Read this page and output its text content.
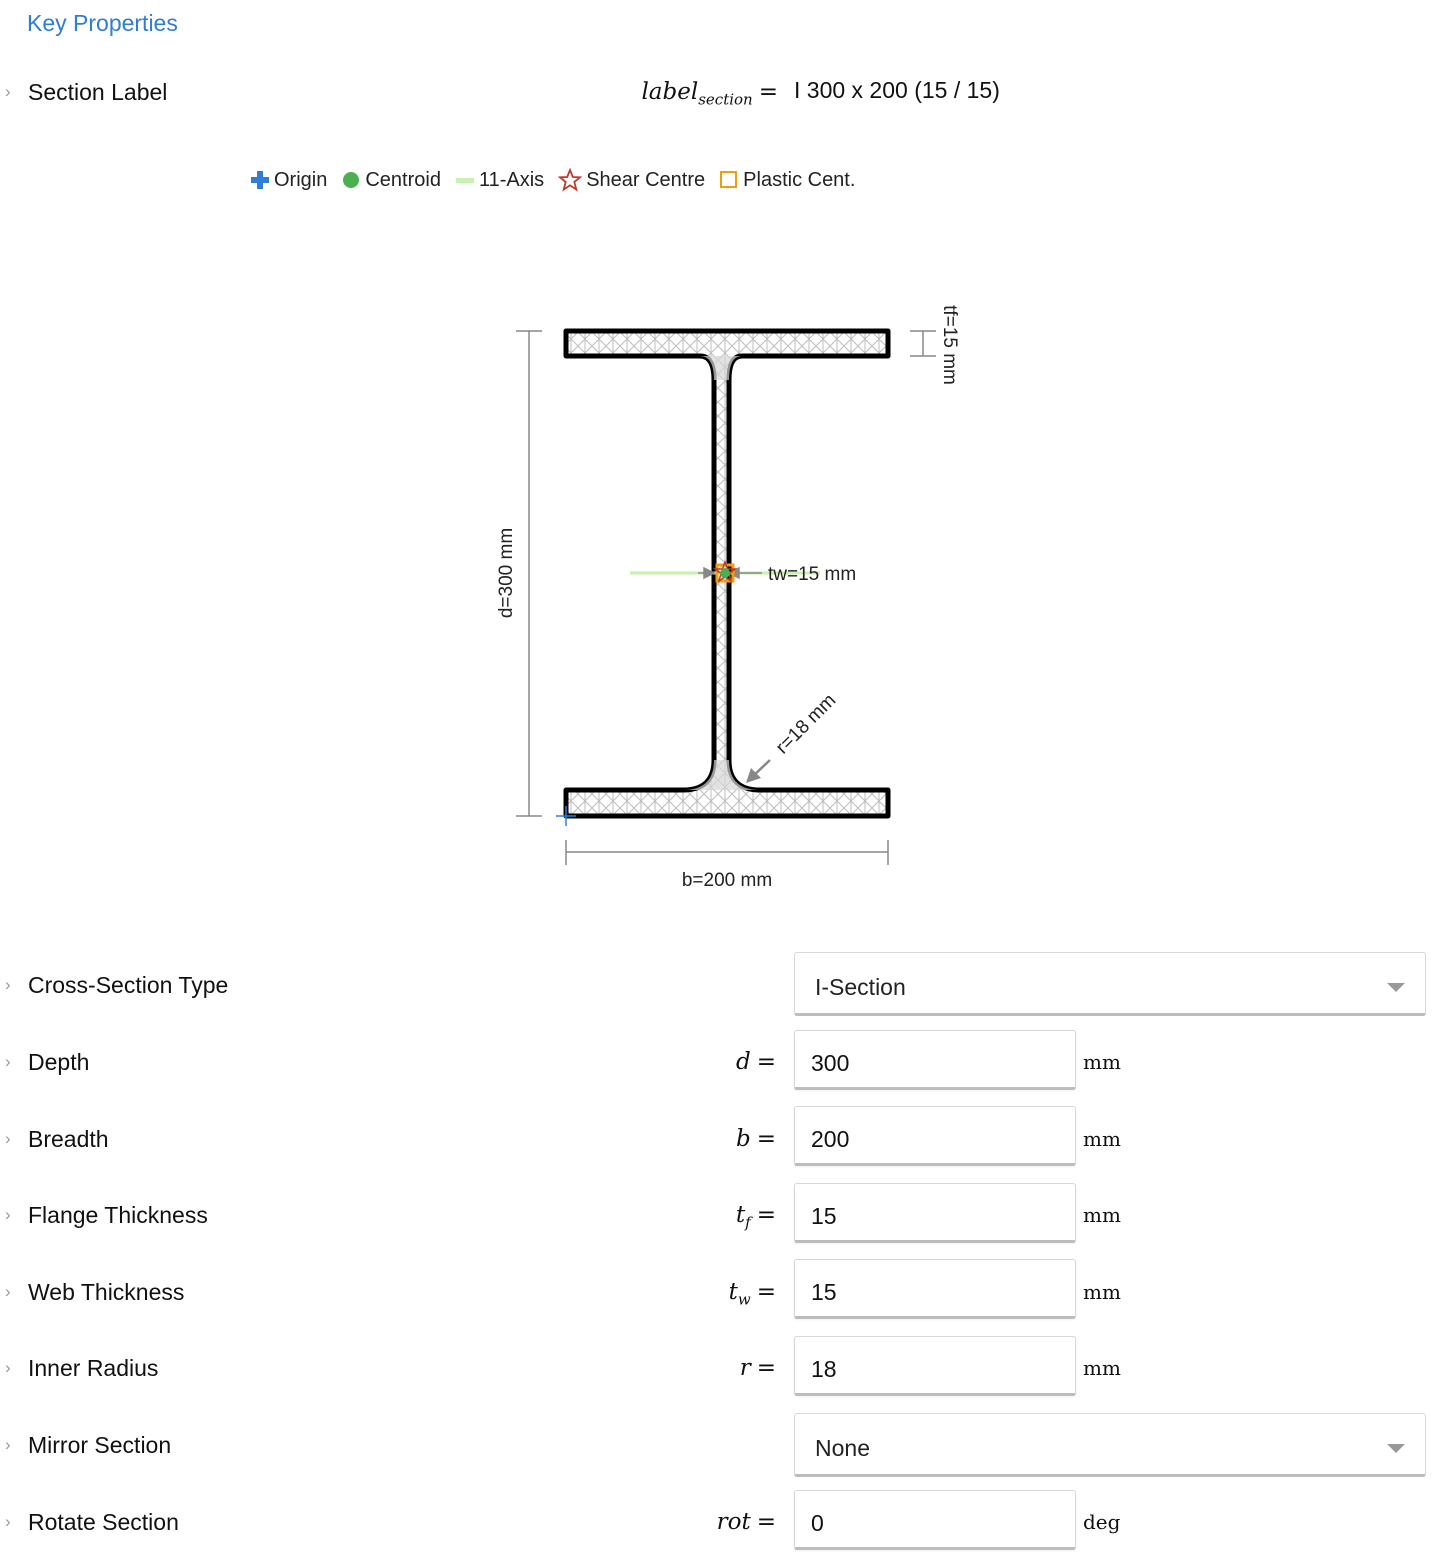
Key Properties
› Section Label	label$_{section}$ = I 300 x 200 (15 / 15)
Origin Centroid 11-Axis Shear Centre Plastic Cent.
d=300 mm
b=200 mm
tf=15 mm
tw=15 mm
r=18 mm
› Cross-Section Type	I-Section
› Depth	d =	300	mm
› Breadth	b =	200	mm
› Flange Thickness	$t_f$ =	15	mm
› Web Thickness	$t_w$ =	15	mm
› Inner Radius	r =	18	mm
› Mirror Section	None
› Rotate Section	rot =	0	deg
